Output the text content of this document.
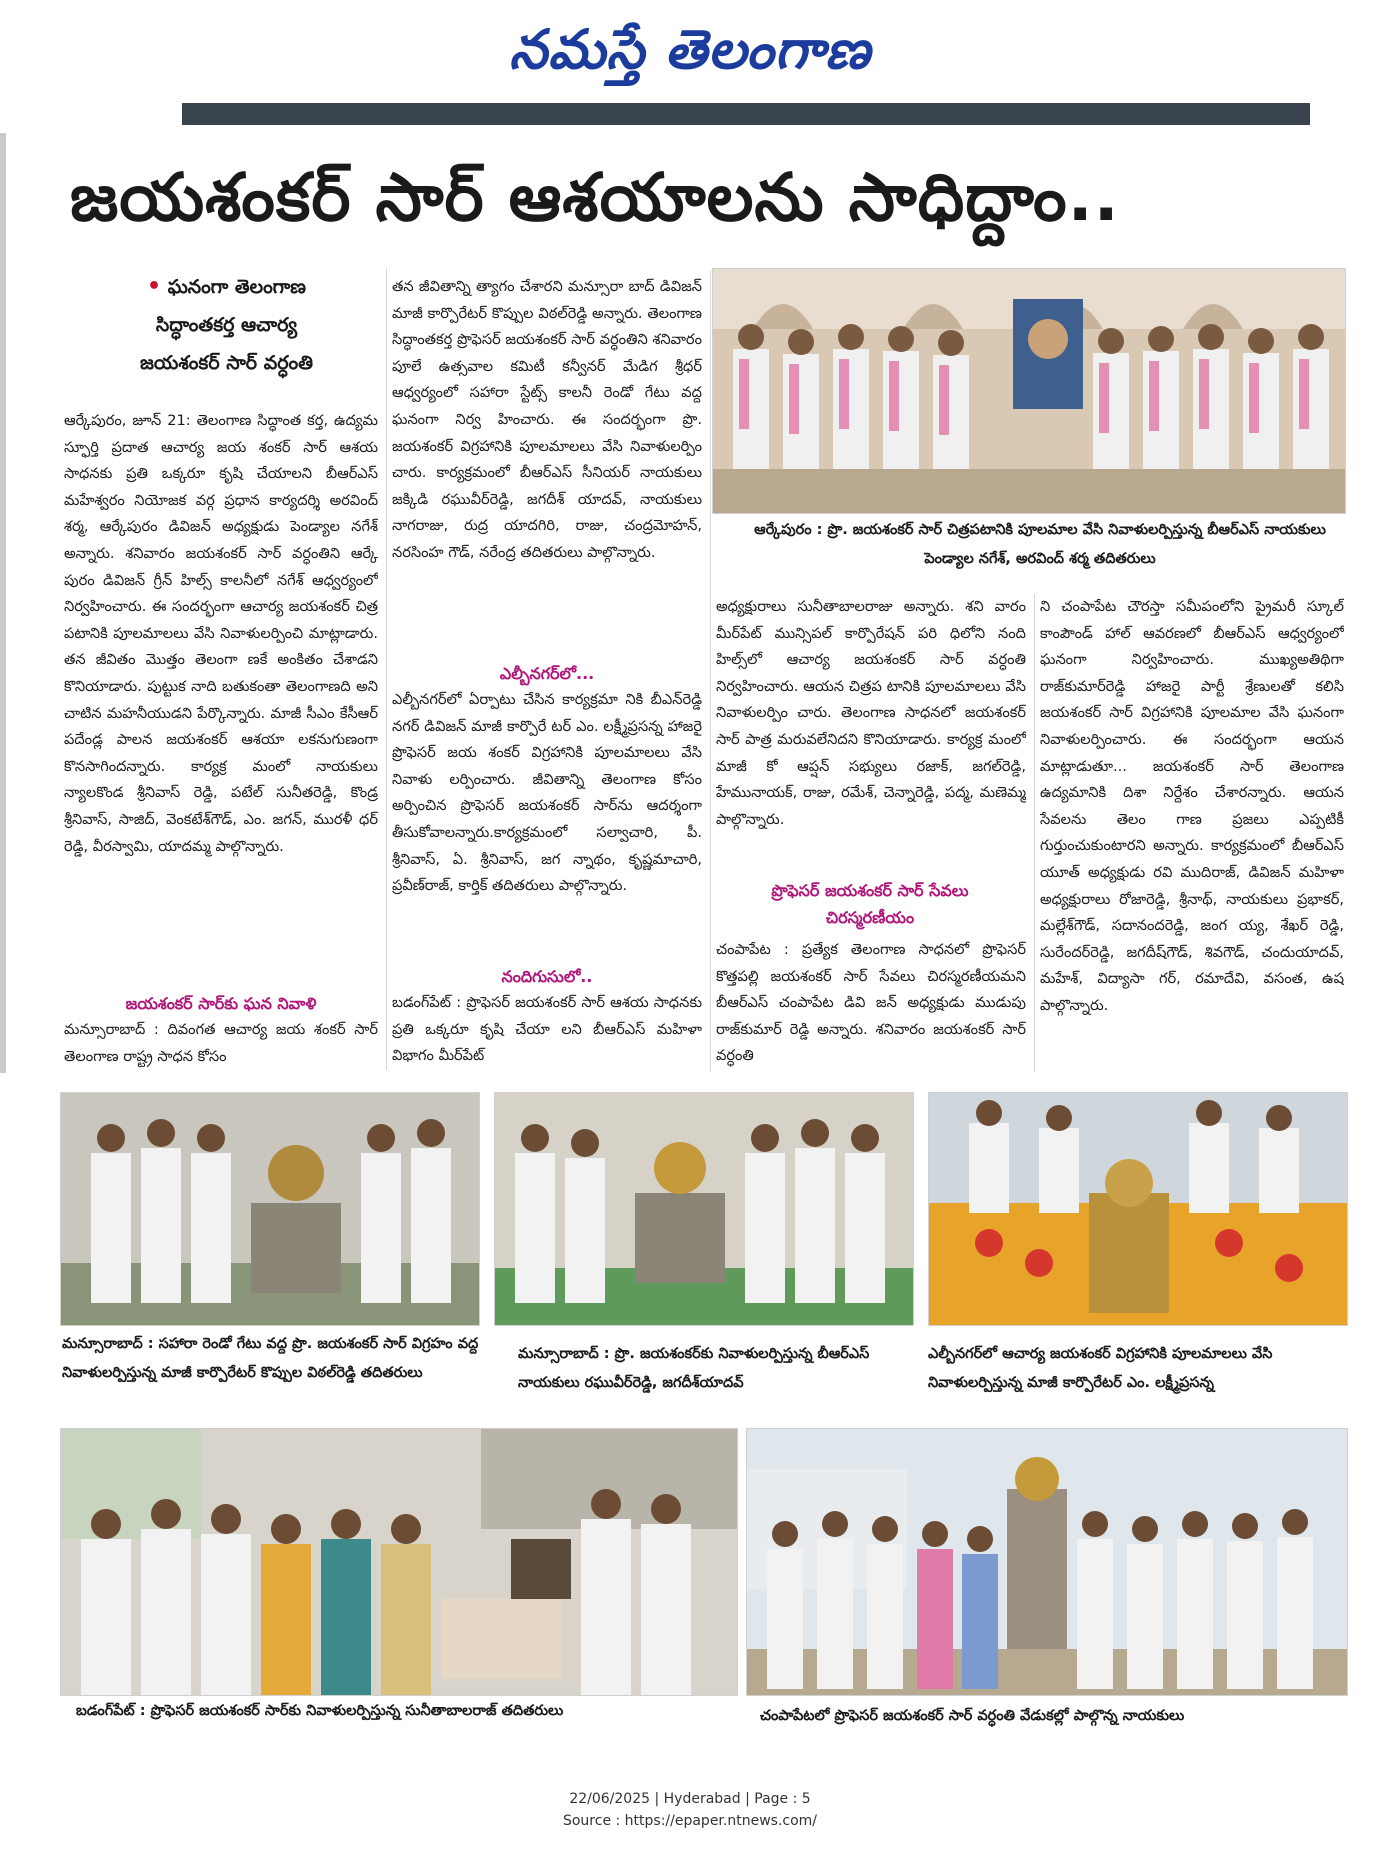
నమస్తే తెలంగాణ
జయశంకర్ సార్ ఆశయాలను సాధిద్దాం..
• ఘనంగా తెలంగాణ
సిద్ధాంతకర్త ఆచార్య
జయశంకర్ సార్ వర్ధంతి

ఆర్కేపురం, జూన్ 21: తెలంగాణ సిద్ధాంత కర్త, ఉద్యమ స్ఫూర్తి ప్రదాత ఆచార్య జయ శంకర్ సార్ ఆశయ సాధనకు ప్రతి ఒక్కరూ కృషి చేయాలని బీఆర్ఎస్ మహేశ్వరం నియోజక వర్గ ప్రధాన కార్యదర్శి అరవింద్ శర్మ, ఆర్కేపురం డివిజన్ అధ్యక్షుడు పెండ్యాల నగేశ్ అన్నారు. శనివారం జయశంకర్ సార్ వర్ధంతిని ఆర్కే పురం డివిజన్ గ్రీన్ హిల్స్ కాలనీలో నగేశ్ ఆధ్వర్యంలో నిర్వహించారు. ఈ సందర్భంగా ఆచార్య జయశంకర్ చిత్ర పటానికి పూలమాలలు వేసి నివాళులర్పించి మాట్లాడారు. తన జీవితం మొత్తం తెలంగా ణకే అంకితం చేశాడని కొనియాడారు. పుట్టుక నాది బతుకంతా తెలంగాణది అని చాటిన మహనీయుడని పేర్కొన్నారు. మాజీ సీఎం కేసీఆర్ పదేండ్ల పాలన జయశంకర్ ఆశయా లకనుగుణంగా కొనసాగిందన్నారు. కార్యక్ర మంలో నాయకులు న్యాలకొండ శ్రీనివాస్ రెడ్డి, పటేల్ సునీతరెడ్డి, కొండ్ర శ్రీనివాస్, సాజిద్, వెంకటేశ్‌గౌడ్, ఎం. జగన్, మురళీ ధర్ రెడ్డి, వీరస్వామి, యాదమ్మ పాల్గొన్నారు.

జయశంకర్ సార్‌కు ఘన నివాళి

మన్సూరాబాద్ : దివంగత ఆచార్య జయ శంకర్ సార్ తెలంగాణ రాష్ట్ర సాధన కోసం

తన జీవితాన్ని త్యాగం చేశారని మన్సూరా బాద్ డివిజన్ మాజీ కార్పొరేటర్ కొప్పుల విఠల్‌రెడ్డి అన్నారు. తెలంగాణ సిద్ధాంతకర్త ప్రొఫెసర్ జయశంకర్ సార్ వర్ధంతిని శనివారం పూలే ఉత్సవాల కమిటీ కన్వీనర్ మేడిగ శ్రీధర్ ఆధ్వర్యంలో సహారా స్టేట్స్ కాలనీ రెండో గేటు వద్ద ఘనంగా నిర్వ హించారు. ఈ సందర్భంగా ప్రొ. జయశంకర్ విగ్రహానికి పూలమాలలు వేసి నివాళులర్పిం చారు. కార్యక్రమంలో బీఆర్ఎస్ సీనియర్ నాయకులు జక్కిడి రఘువీర్‌రెడ్డి, జగదీశ్ యాదవ్, నాయకులు నాగరాజు, రుద్ర యాదగిరి, రాజు, చంద్రమోహన్, నరసింహ గౌడ్, నరేంద్ర తదితరులు పాల్గొన్నారు.

ఎల్బీనగర్‌లో...

ఎల్బీనగర్‌లో ఏర్పాటు చేసిన కార్యక్రమా నికి బీఎన్‌రెడ్డి నగర్ డివిజన్ మాజీ కార్పొరే టర్ ఎం. లక్ష్మీప్రసన్న హాజరై ప్రొఫెసర్ జయ శంకర్ విగ్రహానికి పూలమాలలు వేసి నివాళు లర్పించారు. జీవితాన్ని తెలంగాణ కోసం అర్పించిన ప్రొఫెసర్ జయశంకర్ సార్‌ను ఆదర్శంగా తీసుకోవాలన్నారు.కార్యక్రమంలో సల్వాచారి, పీ. శ్రీనివాస్, ఏ. శ్రీనివాస్, జగ న్నాథం, కృష్ణమాచారి, ప్రవీణ్‌రాజ్, కార్తిక్ తదితరులు పాల్గొన్నారు.

నందిగుసులో..

బడంగ్‌పేట్ : ప్రొఫెసర్ జయశంకర్ సార్ ఆశయ సాధనకు ప్రతి ఒక్కరూ కృషి చేయా లని బీఆర్ఎస్ మహిళా విభాగం మీర్‌పేట్

ఆర్కేపురం : ప్రొ. జయశంకర్ సార్ చిత్రపటానికి పూలమాల వేసి నివాళులర్పిస్తున్న బీఆర్ఎస్ నాయకులు పెండ్యాల నగేశ్, అరవింద్ శర్మ తదితరులు

అధ్యక్షురాలు సునీతాబాలరాజు అన్నారు. శని వారం మీర్‌పేట్ మున్సిపల్ కార్పొరేషన్ పరి ధిలోని నంది హిల్స్‌లో ఆచార్య జయశంకర్ సార్ వర్ధంతి నిర్వహించారు. ఆయన చిత్రప టానికి పూలమాలలు వేసి నివాళులర్పిం చారు. తెలంగాణ సాధనలో జయశంకర్ సార్ పాత్ర మరువలేనిదని కొనియాడారు. కార్యక్ర మంలో మాజీ కో ఆప్షన్ సభ్యులు రజాక్, జగల్‌రెడ్డి, హేమునాయక్, రాజు, రమేశ్, చెన్నారెడ్డి, పద్మ, మణెమ్మ పాల్గొన్నారు.

ప్రొఫెసర్ జయశంకర్ సార్ సేవలు చిరస్మరణీయం

చంపాపేట : ప్రత్యేక తెలంగాణ సాధనలో ప్రొఫెసర్ కొత్తపల్లి జయశంకర్ సార్ సేవలు చిరస్మరణీయమని బీఆర్ఎస్ చంపాపేట డివి జన్ అధ్యక్షుడు ముడుపు రాజ్‌కుమార్ రెడ్డి అన్నారు. శనివారం జయశంకర్ సార్ వర్ధంతి

ని చంపాపేట చౌరస్తా సమీపంలోని ప్రైమరీ స్కూల్ కాంపౌండ్ హాల్ ఆవరణలో బీఆర్ఎస్ ఆధ్వర్యంలో ఘనంగా నిర్వహించారు. ముఖ్యఅతిథిగా రాజ్‌కుమార్‌రెడ్డి హాజరై పార్టీ శ్రేణులతో కలిసి జయశంకర్ సార్ విగ్రహానికి పూలమాల వేసి ఘనంగా నివాళులర్పించారు. ఈ సందర్భంగా ఆయన మాట్లాడుతూ... జయశంకర్ సార్ తెలంగాణ ఉద్యమానికి దిశా నిర్దేశం చేశారన్నారు. ఆయన సేవలను తెలం గాణ ప్రజలు ఎప్పటికీ గుర్తుంచుకుంటారని అన్నారు. కార్యక్రమంలో బీఆర్ఎస్ యూత్ అధ్యక్షుడు రవి ముదిరాజ్, డివిజన్ మహిళా అధ్యక్షురాలు రోజారెడ్డి, శ్రీనాథ్, నాయకులు ప్రభాకర్, మల్లేశ్‌గౌడ్, సదానందరెడ్డి, జంగ య్య, శేఖర్ రెడ్డి, సురేందర్‌రెడ్డి, జగదీష్‌గౌడ్, శివగౌడ్, చందుయాదవ్, మహేశ్, విద్యాసా గర్, రమాదేవి, వసంత, ఉష పాల్గొన్నారు.

మన్సూరాబాద్ : సహారా రెండో గేటు వద్ద ప్రొ. జయశంకర్ సార్ విగ్రహం వద్ద నివాళులర్పిస్తున్న మాజీ కార్పొరేటర్ కొప్పుల విఠల్‌రెడ్డి తదితరులు
మన్సూరాబాద్ : ప్రొ. జయశంకర్‌కు నివాళులర్పిస్తున్న బీఆర్ఎస్ నాయకులు రఘువీర్‌రెడ్డి, జగదీశ్‌యాదవ్
ఎల్బీనగర్‌లో ఆచార్య జయశంకర్ విగ్రహానికి పూలమాలలు వేసి నివాళులర్పిస్తున్న మాజీ కార్పొరేటర్ ఎం. లక్ష్మీప్రసన్న
బడంగ్‌పేట్ : ప్రొఫెసర్ జయశంకర్ సార్‌కు నివాళులర్పిస్తున్న సునీతాబాలరాజ్ తదితరులు	చంపాపేటలో ప్రొఫెసర్ జయశంకర్ సార్ వర్ధంతి వేడుకల్లో పాల్గొన్న నాయకులు
22/06/2025 | Hyderabad | Page : 5
Source : https://epaper.ntnews.com/
